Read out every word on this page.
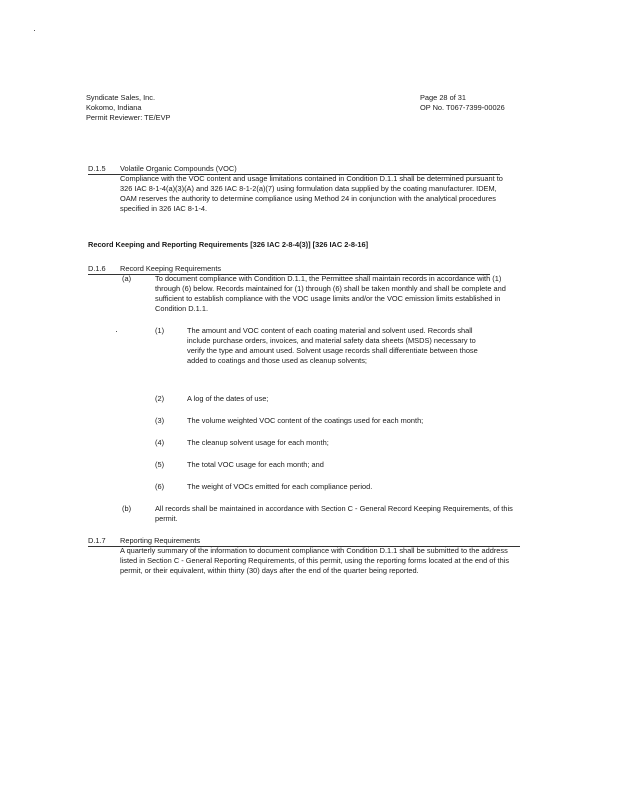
Syndicate Sales, Inc.
Kokomo, Indiana
Permit Reviewer: TE/EVP
Page 28 of 31
OP No. T067-7399-00026
D.1.5 Volatile Organic Compounds (VOC)
Compliance with the VOC content and usage limitations contained in Condition D.1.1 shall be determined pursuant to 326 IAC 8-1-4(a)(3)(A) and 326 IAC 8-1-2(a)(7) using formulation data supplied by the coating manufacturer. IDEM, OAM reserves the authority to determine compliance using Method 24 in conjunction with the analytical procedures specified in 326 IAC 8-1-4.
Record Keeping and Reporting Requirements [326 IAC 2-8-4(3)] [326 IAC 2-8-16]
D.1.6 Record Keeping Requirements
(a)	To document compliance with Condition D.1.1, the Permittee shall maintain records in accordance with (1) through (6) below. Records maintained for (1) through (6) shall be taken monthly and shall be complete and sufficient to establish compliance with the VOC usage limits and/or the VOC emission limits established in Condition D.1.1.
(1)	The amount and VOC content of each coating material and solvent used. Records shall include purchase orders, invoices, and material safety data sheets (MSDS) necessary to verify the type and amount used. Solvent usage records shall differentiate between those added to coatings and those used as cleanup solvents;
(2)	A log of the dates of use;
(3)	The volume weighted VOC content of the coatings used for each month;
(4)	The cleanup solvent usage for each month;
(5)	The total VOC usage for each month; and
(6)	The weight of VOCs emitted for each compliance period.
(b)	All records shall be maintained in accordance with Section C - General Record Keeping Requirements, of this permit.
D.1.7 Reporting Requirements
A quarterly summary of the information to document compliance with Condition D.1.1 shall be submitted to the address listed in Section C - General Reporting Requirements, of this permit, using the reporting forms located at the end of this permit, or their equivalent, within thirty (30) days after the end of the quarter being reported.
